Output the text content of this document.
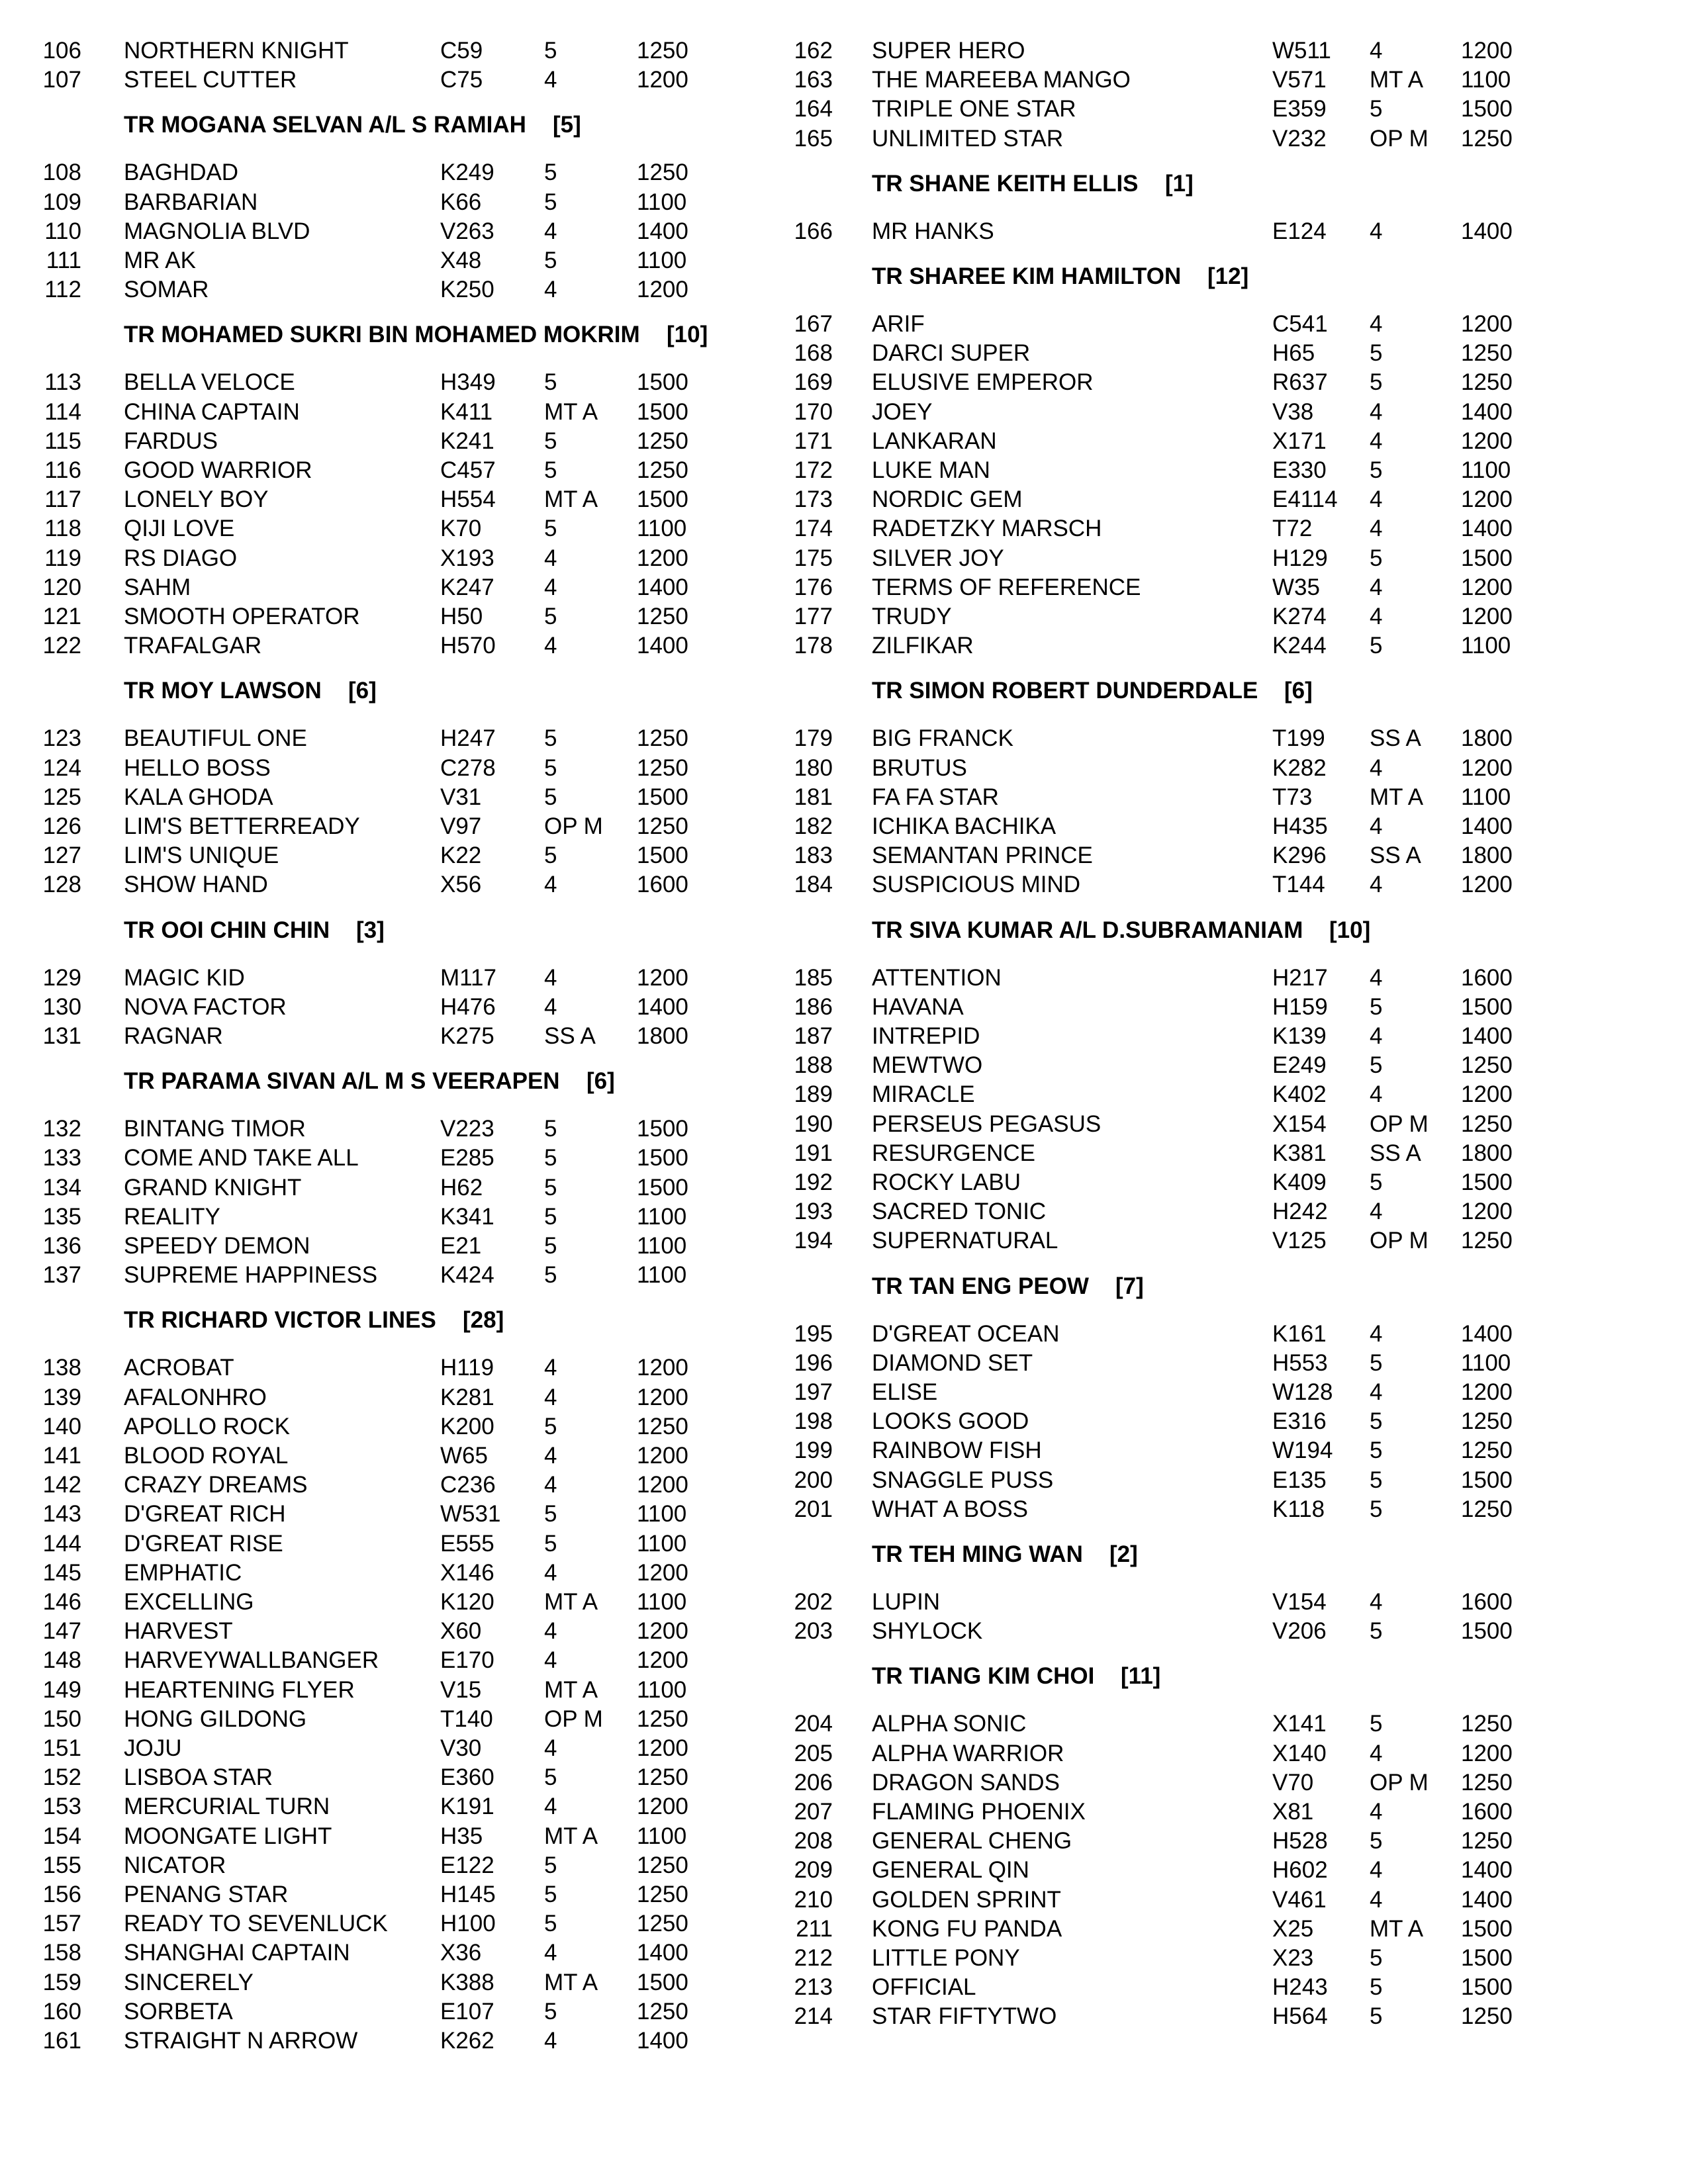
106 NORTHERN KNIGHT	C59	5	1250
107 STEEL CUTTER	C75	4	1200
TR MOGANA SELVAN A/L S RAMIAH [5]
108 BAGHDAD	K249 5	1250
109 BARBARIAN	K66	5	1100
110 MAGNOLIA BLVD	V263 4	1400
111 MR AK	X48	5	1100
112 SOMAR	K250 4	1200
TR MOHAMED SUKRI BIN MOHAMED MOKRIM [10]
113 BELLA VELOCE	H349 5	1500
114 CHINA CAPTAIN	K411 MT A 1500
115 FARDUS	K241 5	1250
116 GOOD WARRIOR	C457 5	1250
117 LONELY BOY	H554 MT A 1500
118 QIJI LOVE	K70	5	1100
119 RS DIAGO	X193 4	1200
120 SAHM	K247 4	1400
121 SMOOTH OPERATOR	H50	5	1250
122 TRAFALGAR	H570 4	1400
TR MOY LAWSON [6]
123 BEAUTIFUL ONE	H247 5	1250
124 HELLO BOSS	C278 5	1250
125 KALA GHODA	V31	5	1500
126 LIM'S BETTERREADY	V97	OP M 1250
127 LIM'S UNIQUE	K22	5	1500
128 SHOW HAND	X56	4	1600
TR OOI CHIN CHIN [3]
129 MAGIC KID	M117 4	1200
130 NOVA FACTOR	H476 4	1400
131 RAGNAR	K275 SS A 1800
TR PARAMA SIVAN A/L M S VEERAPEN [6]
132 BINTANG TIMOR	V223 5	1500
133 COME AND TAKE ALL	E285 5	1500
134 GRAND KNIGHT	H62	5	1500
135 REALITY	K341 5	1100
136 SPEEDY DEMON	E21	5	1100
137 SUPREME HAPPINESS	K424 5	1100
TR RICHARD VICTOR LINES [28]
138 ACROBAT	H119 4	1200
139 AFALONHRO	K281 4	1200
140 APOLLO ROCK	K200 5	1250
141 BLOOD ROYAL	W65 4	1200
142 CRAZY DREAMS	C236 4	1200
143 D'GREAT RICH	W531 5	1100
144 D'GREAT RISE	E555 5	1100
145 EMPHATIC	X146 4	1200
146 EXCELLING	K120 MT A 1100
147 HARVEST	X60	4	1200
148 HARVEYWALLBANGER	E170 4	1200
149 HEARTENING FLYER	V15	MT A 1100
150 HONG GILDONG	T140 OP M 1250
151 JOJU	V30	4	1200
152 LISBOA STAR	E360 5	1250
153 MERCURIAL TURN	K191 4	1200
154 MOONGATE LIGHT	H35	MT A 1100
155 NICATOR	E122 5	1250
156 PENANG STAR	H145 5	1250
157 READY TO SEVENLUCK H100 5	1250
158 SHANGHAI CAPTAIN	X36	4	1400
159 SINCERELY	K388 MT A 1500
160 SORBETA	E107 5	1250
161 STRAIGHT N ARROW	K262 4	1400
162 SUPER HERO	W511 4	1200
163 THE MAREEBA MANGO	V571 MT A 1100
164 TRIPLE ONE STAR	E359 5	1500
165 UNLIMITED STAR	V232 OP M 1250
TR SHANE KEITH ELLIS [1]
166 MR HANKS	E124 4	1400
TR SHAREE KIM HAMILTON [12]
167 ARIF	C541 4	1200
168 DARCI SUPER	H65 5	1250
169 ELUSIVE EMPEROR	R637 5	1250
170 JOEY	V38 4	1400
171 LANKARAN	X171 4	1200
172 LUKE MAN	E330 5	1100
173 NORDIC GEM	E4114 4	1200
174 RADETZKY MARSCH	T72 4	1400
175 SILVER JOY	H129 5	1500
176 TERMS OF REFERENCE	W35 4	1200
177 TRUDY	K274 4	1200
178 ZILFIKAR	K244 5	1100
TR SIMON ROBERT DUNDERDALE [6]
179 BIG FRANCK	T199 SS A 1800
180 BRUTUS	K282 4	1200
181 FA FA STAR	T73 MT A 1100
182 ICHIKA BACHIKA	H435 4	1400
183 SEMANTAN PRINCE	K296 SS A 1800
184 SUSPICIOUS MIND	T144 4	1200
TR SIVA KUMAR A/L D.SUBRAMANIAM [10]
185 ATTENTION	H217 4	1600
186 HAVANA	H159 5	1500
187 INTREPID	K139 4	1400
188 MEWTWO	E249 5	1250
189 MIRACLE	K402 4	1200
190 PERSEUS PEGASUS	X154 OP M 1250
191 RESURGENCE	K381 SS A 1800
192 ROCKY LABU	K409 5	1500
193 SACRED TONIC	H242 4	1200
194 SUPERNATURAL	V125 OP M 1250
TR TAN ENG PEOW [7]
195 D'GREAT OCEAN	K161 4	1400
196 DIAMOND SET	H553 5	1100
197 ELISE	W128 4	1200
198 LOOKS GOOD	E316 5	1250
199 RAINBOW FISH	W194 5	1250
200 SNAGGLE PUSS	E135 5	1500
201 WHAT A BOSS	K118 5	1250
TR TEH MING WAN [2]
202 LUPIN	V154 4	1600
203 SHYLOCK	V206 5	1500
TR TIANG KIM CHOI [11]
204 ALPHA SONIC	X141 5	1250
205 ALPHA WARRIOR	X140 4	1200
206 DRAGON SANDS	V70 OP M 1250
207 FLAMING PHOENIX	X81 4	1600
208 GENERAL CHENG	H528 5	1250
209 GENERAL QIN	H602 4	1400
210 GOLDEN SPRINT	V461 4	1400
211 KONG FU PANDA	X25 MT A 1500
212 LITTLE PONY	X23 5	1500
213 OFFICIAL	H243 5	1500
214 STAR FIFTYTWO	H564 5	1250
